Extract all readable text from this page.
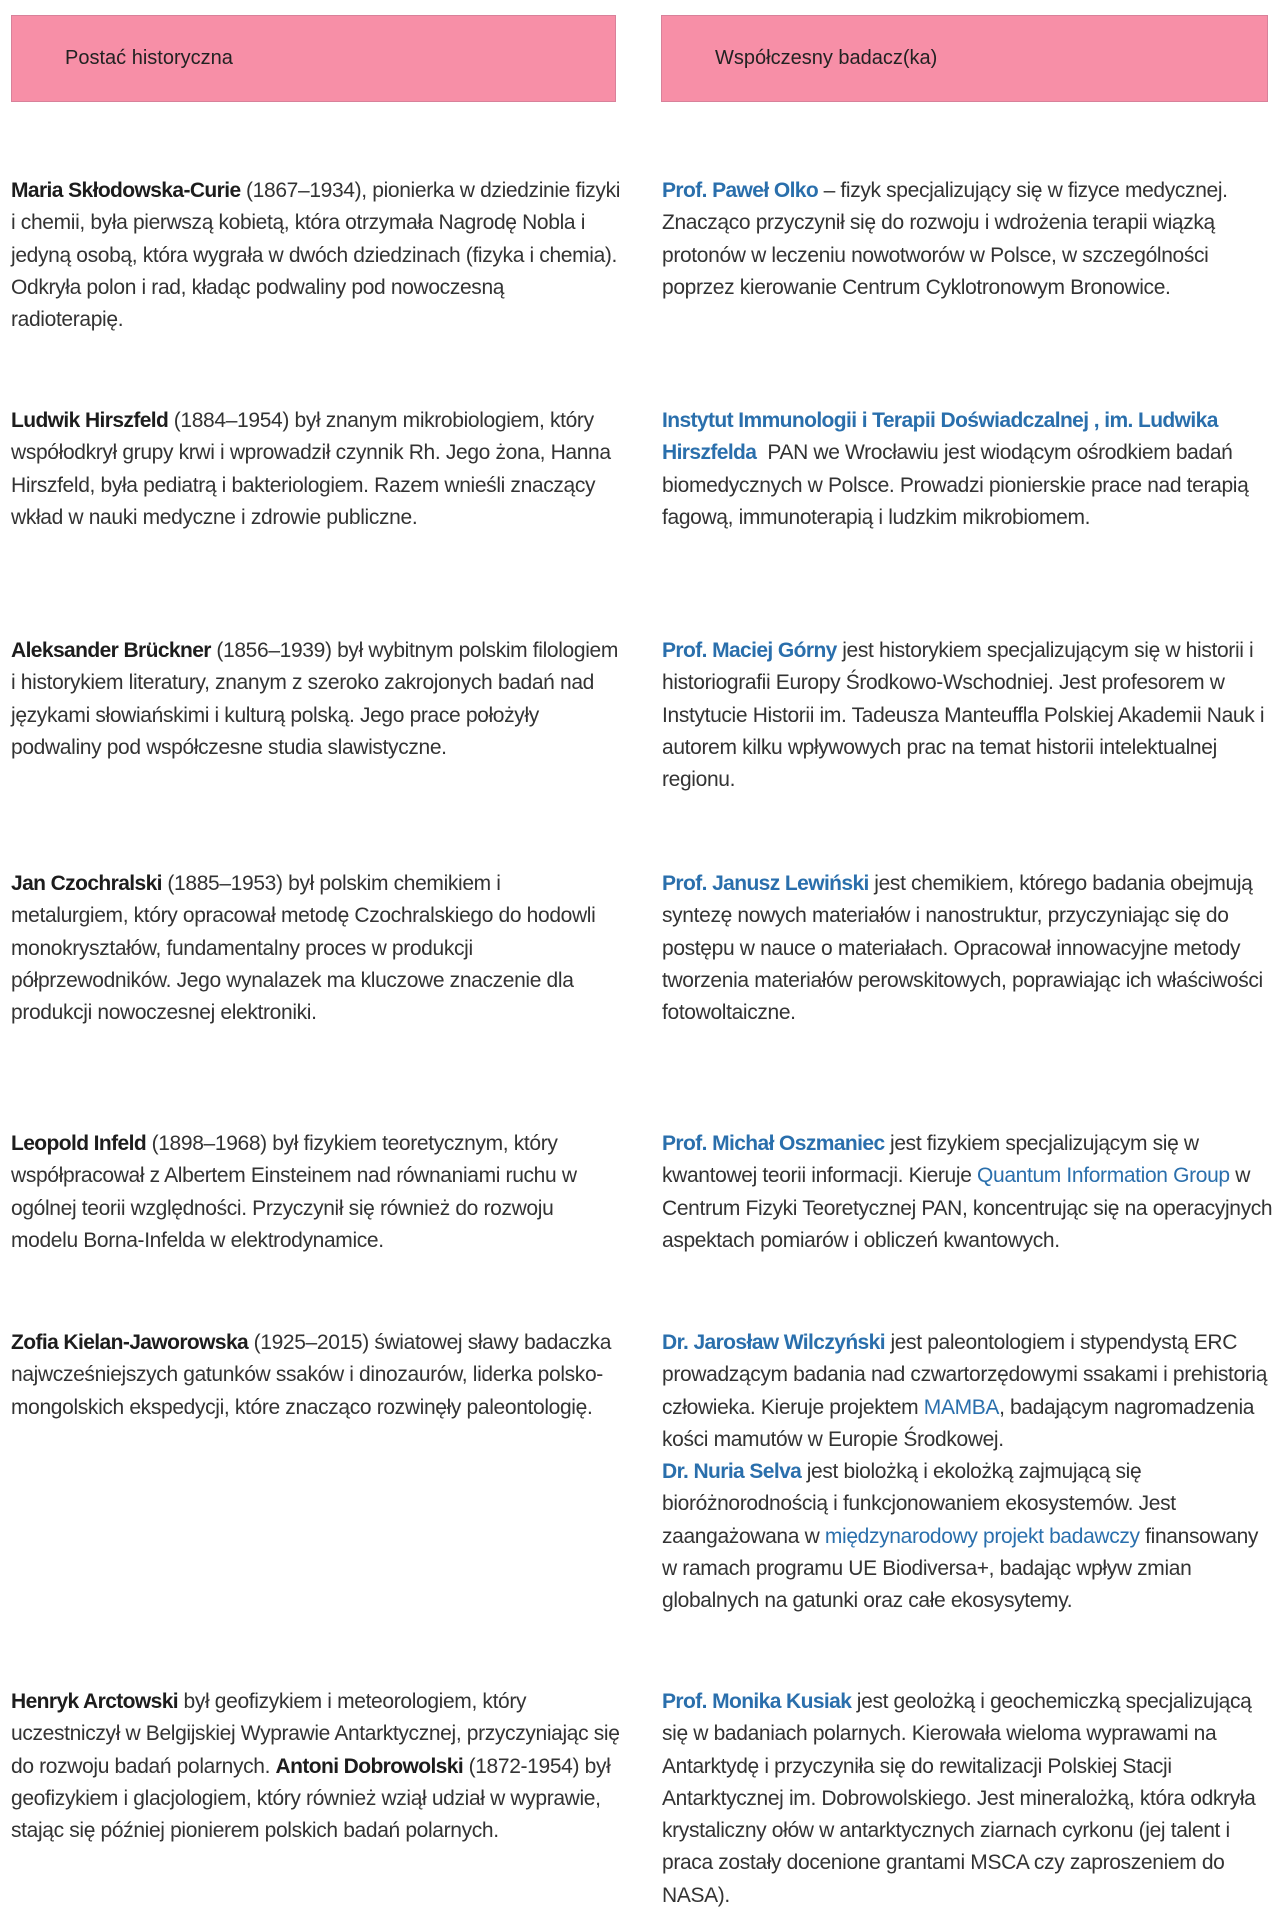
Postać historyczna	Współczesny badacz(ka)
Maria Skłodowska-Curie (1867–1934), pionierka w dziedzinie fizyki i chemii, była pierwszą kobietą, która otrzymała Nagrodę Nobla i jedyną osobą, która wygrała w dwóch dziedzinach (fizyka i chemia). Odkryła polon i rad, kładąc podwaliny pod nowoczesną radioterapię.
Prof. Paweł Olko – fizyk specjalizujący się w fizyce medycznej. Znacząco przyczynił się do rozwoju i wdrożenia terapii wiązką protonów w leczeniu nowotworów w Polsce, w szczególności poprzez kierowanie Centrum Cyklotronowym Bronowice.
Ludwik Hirszfeld (1884–1954) był znanym mikrobiologiem, który współodkrył grupy krwi i wprowadził czynnik Rh. Jego żona, Hanna Hirszfeld, była pediatrą i bakteriologiem. Razem wnieśli znaczący wkład w nauki medyczne i zdrowie publiczne.
Instytut Immunologii i Terapii Doświadczalnej , im. Ludwika Hirszfelda  PAN we Wrocławiu jest wiodącym ośrodkiem badań biomedycznych w Polsce. Prowadzi pionierskie prace nad terapią fagową, immunoterapią i ludzkim mikrobiomem.
Aleksander Brückner (1856–1939) był wybitnym polskim filologiem i historykiem literatury, znanym z szeroko zakrojonych badań nad językami słowiańskimi i kulturą polską. Jego prace położyły podwaliny pod współczesne studia slawistyczne.
Prof. Maciej Górny jest historykiem specjalizującym się w historii i historiografii Europy Środkowo-Wschodniej. Jest profesorem w Instytucie Historii im. Tadeusza Manteuffla Polskiej Akademii Nauk i autorem kilku wpływowych prac na temat historii intelektualnej regionu.
Jan Czochralski (1885–1953) był polskim chemikiem i metalurgiem, który opracował metodę Czochralskiego do hodowli monokryształów, fundamentalny proces w produkcji półprzewodników. Jego wynalazek ma kluczowe znaczenie dla produkcji nowoczesnej elektroniki.
Prof. Janusz Lewiński jest chemikiem, którego badania obejmują syntezę nowych materiałów i nanostruktur, przyczyniając się do postępu w nauce o materiałach. Opracował innowacyjne metody tworzenia materiałów perowskitowych, poprawiając ich właściwości fotowoltaiczne.
Leopold Infeld (1898–1968) był fizykiem teoretycznym, który współpracował z Albertem Einsteinem nad równaniami ruchu w ogólnej teorii względności. Przyczynił się również do rozwoju modelu Borna-Infelda w elektrodynamice.
Prof. Michał Oszmaniec jest fizykiem specjalizującym się w kwantowej teorii informacji. Kieruje Quantum Information Group w Centrum Fizyki Teoretycznej PAN, koncentrując się na operacyjnych aspektach pomiarów i obliczeń kwantowych.
Zofia Kielan-Jaworowska (1925–2015) światowej sławy badaczka najwcześniejszych gatunków ssaków i dinozaurów, liderka polsko-mongolskich ekspedycji, które znacząco rozwinęły paleontologię.
Dr. Jarosław Wilczyński jest paleontologiem i stypendystą ERC prowadzącym badania nad czwartorzędowymi ssakami i prehistorią człowieka. Kieruje projektem MAMBA, badającym nagromadzenia kości mamutów w Europie Środkowej.
Dr. Nuria Selva jest biolożką i ekolożką zajmującą się bioróżnorodnością i funkcjonowaniem ekosystemów. Jest zaangażowana w międzynarodowy projekt badawczy finansowany w ramach programu UE Biodiversa+, badając wpływ zmian globalnych na gatunki oraz całe ekosysytemy.
Henryk Arctowski był geofizykiem i meteorologiem, który uczestniczył w Belgijskiej Wyprawie Antarktycznej, przyczyniając się do rozwoju badań polarnych. Antoni Dobrowolski (1872-1954) był geofizykiem i glacjologiem, który również wziął udział w wyprawie, stając się później pionierem polskich badań polarnych.
Prof. Monika Kusiak jest geolożką i geochemiczką specjalizującą się w badaniach polarnych. Kierowała wieloma wyprawami na Antarktydę i przyczyniła się do rewitalizacji Polskiej Stacji Antarktycznej im. Dobrowolskiego. Jest mineralożką, która odkryła krystaliczny ołów w antarktycznych ziarnach cyrkonu (jej talent i praca zostały docenione grantami MSCA czy zaproszeniem do NASA).
